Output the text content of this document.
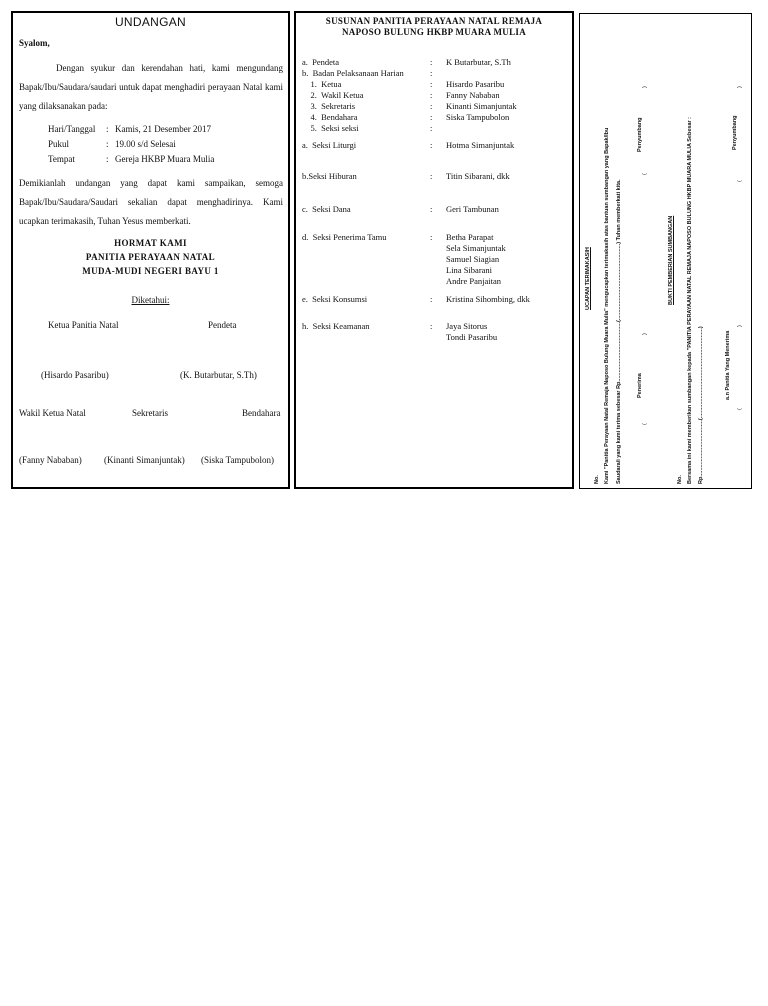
UNDANGAN
Syalom,
Dengan syukur dan kerendahan hati, kami mengundang Bapak/Ibu/Saudara/saudari untuk dapat menghadiri perayaan Natal kami yang dilaksanakan pada:
Hari/Tanggal : Kamis, 21 Desember 2017
Pukul	: 19.00 s/d Selesai
Tempat	: Gereja HKBP Muara Mulia
Demikianlah undangan yang dapat kami sampaikan, semoga Bapak/Ibu/Saudara/Saudari sekalian dapat menghadirinya. Kami ucapkan terimakasih, Tuhan Yesus memberkati.
HORMAT KAMI
PANITIA PERAYAAN NATAL
MUDA-MUDI NEGERI BAYU 1
Diketahui:
Ketua Panitia Natal	Pendeta
(Hisardo Pasaribu)	(K. Butarbutar, S.Th)
Wakil Ketua Natal	Sekretaris	Bendahara
(Fanny Nababan) (Kinanti Simanjuntak) (Siska Tampubolon)
SUSUNAN PANITIA PERAYAAN NATAL REMAJA
NAPOSO BULUNG HKBP MUARA MULIA
a.  Pendeta	: K Butarbutar, S.Th
b.  Badan Pelaksanaan Harian	:
1.  Ketua	: Hisardo Pasaribu
2.  Wakil Ketua	: Fanny Nababan
3.  Sekretaris	: Kinanti Simanjuntak
4.  Bendahara	: Siska Tampubolon
5.  Seksi seksi	:
a.  Seksi Liturgi	: Hotma Simanjuntak
b.Seksi Hiburan	: Titin Sibarani, dkk
c.  Seksi Dana	: Geri Tambunan
d.  Seksi Penerima Tamu	: Betha Parapat
Sela Simanjuntak
Samuel Siagian
Lina Sibarani
Andre Panjaitan
e.  Seksi Konsumsi	: Kristina Sihombing, dkk
h.  Seksi Keamanan	: Jaya Sitorus
Tondi Pasaribu
UCAPAN TERIMAKASIH
No. Kami "Panitia Perayaan Natal Remaja Naposo Bulung Muara Mulia" mengucapkan terimakasih atas bantuan sumbangan yang Bapak/Ibu Saudara/i yang kami terima sebesar Rp.......................................(..................................................) Tuhan memberkati kita.	(
Penerima
)
(
Penyumbang
)
BUKTI PEMBERIAN SUMBANGAN
No. Bersama ini kami memberikan sumbangan kepada "PANITIA PERAYAAN NATAL REMAJA NAPOSO BULUNG HKBP MUARA MULIA Sebesar : Rp.....................................(...........................................................)	a.n Panitia Yang Menerima
(
)
(
Penyumbang
)
